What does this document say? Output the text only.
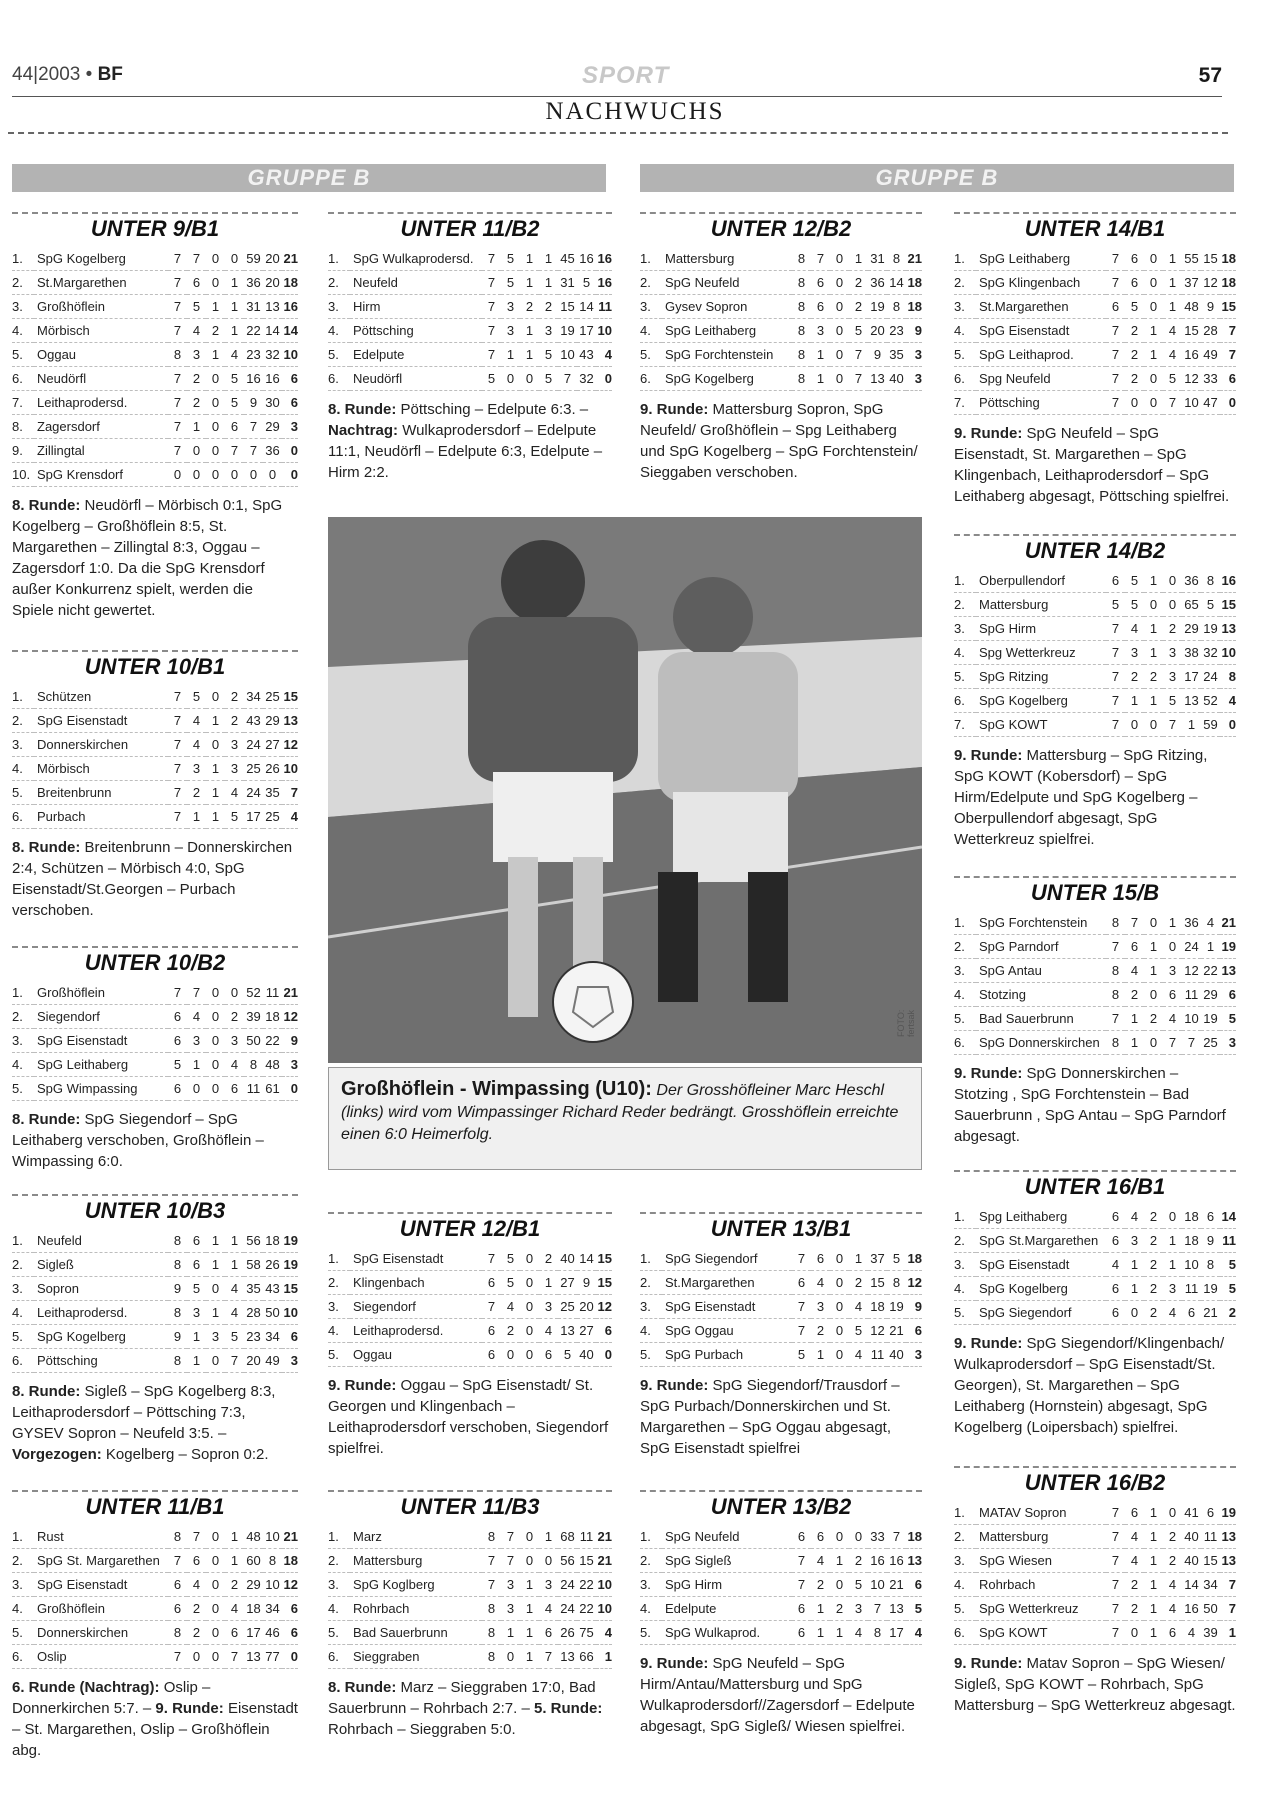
44|2003 • BF	SPORT	57
NACHWUCHS
GRUPPE B	GRUPPE B
UNTER 9/B1
1.	SpG Kogelberg	7	7	0	0	59	20	21
2.	St.Margarethen	7	6	0	1	36	20	18
3.	Großhöflein	7	5	1	1	31	13	16
4.	Mörbisch	7	4	2	1	22	14	14
5.	Oggau	8	3	1	4	23	32	10
6.	Neudörfl	7	2	0	5	16	16	6
7.	Leithaprodersd.	7	2	0	5	9	30	6
8.	Zagersdorf	7	1	0	6	7	29	3
9.	Zillingtal	7	0	0	7	7	36	0
10.	SpG Krensdorf	0	0	0	0	0	0	0

8. Runde: Neudörfl – Mörbisch 0:1, SpG Kogelberg – Großhöflein 8:5, St. Margarethen – Zillingtal 8:3, Oggau – Zagersdorf 1:0. Da die SpG Krensdorf außer Konkurrenz spielt, werden die Spiele nicht gewertet.

UNTER 10/B1
1.	Schützen	7	5	0	2	34	25	15
2.	SpG Eisenstadt	7	4	1	2	43	29	13
3.	Donnerskirchen	7	4	0	3	24	27	12
4.	Mörbisch	7	3	1	3	25	26	10
5.	Breitenbrunn	7	2	1	4	24	35	7
6.	Purbach	7	1	1	5	17	25	4

8. Runde: Breitenbrunn – Donnerskirchen 2:4, Schützen – Mörbisch 4:0, SpG Eisenstadt/St.Georgen – Purbach verschoben.

UNTER 10/B2
1.	Großhöflein	7	7	0	0	52	11	21
2.	Siegendorf	6	4	0	2	39	18	12
3.	SpG Eisenstadt	6	3	0	3	50	22	9
4.	SpG Leithaberg	5	1	0	4	8	48	3
5.	SpG Wimpassing	6	0	0	6	11	61	0

8. Runde: SpG Siegendorf – SpG Leithaberg verschoben, Großhöflein – Wimpassing 6:0.

UNTER 10/B3
1.	Neufeld	8	6	1	1	56	18	19
2.	Sigleß	8	6	1	1	58	26	19
3.	Sopron	9	5	0	4	35	43	15
4.	Leithaprodersd.	8	3	1	4	28	50	10
5.	SpG Kogelberg	9	1	3	5	23	34	6
6.	Pöttsching	8	1	0	7	20	49	3

8. Runde: Sigleß – SpG Kogelberg 8:3, Leithaprodersdorf – Pöttsching 7:3, GYSEV Sopron – Neufeld 3:5. – Vorgezogen: Kogelberg – Sopron 0:2.

UNTER 11/B1
1.	Rust	8	7	0	1	48	10	21
2.	SpG St. Margarethen	7	6	0	1	60	8	18
3.	SpG Eisenstadt	6	4	0	2	29	10	12
4.	Großhöflein	6	2	0	4	18	34	6
5.	Donnerskirchen	8	2	0	6	17	46	6
6.	Oslip	7	0	0	7	13	77	0

6. Runde (Nachtrag): Oslip – Donnerkirchen 5:7. – 9. Runde: Eisenstadt – St. Margarethen, Oslip – Großhöflein abg.

UNTER 11/B2
1.	SpG Wulkaprodersd.	7	5	1	1	45	16	16
2.	Neufeld	7	5	1	1	31	5	16
3.	Hirm	7	3	2	2	15	14	11
4.	Pöttsching	7	3	1	3	19	17	10
5.	Edelpute	7	1	1	5	10	43	4
6.	Neudörfl	5	0	0	5	7	32	0

8. Runde: Pöttsching – Edelpute 6:3. – Nachtrag: Wulkaprodersdorf – Edelpute 11:1, Neudörfl – Edelpute 6:3, Edelpute – Hirm 2:2.

UNTER 12/B1
1.	SpG Eisenstadt	7	5	0	2	40	14	15
2.	Klingenbach	6	5	0	1	27	9	15
3.	Siegendorf	7	4	0	3	25	20	12
4.	Leithaprodersd.	6	2	0	4	13	27	6
5.	Oggau	6	0	0	6	5	40	0

9. Runde: Oggau – SpG Eisenstadt/ St. Georgen und Klingenbach – Leithaprodersdorf verschoben, Siegendorf spielfrei.

UNTER 11/B3
1.	Marz	8	7	0	1	68	11	21
2.	Mattersburg	7	7	0	0	56	15	21
3.	SpG Koglberg	7	3	1	3	24	22	10
4.	Rohrbach	8	3	1	4	24	22	10
5.	Bad Sauerbrunn	8	1	1	6	26	75	4
6.	Sieggraben	8	0	1	7	13	66	1

8. Runde: Marz – Sieggraben 17:0, Bad Sauerbrunn – Rohrbach 2:7. – 5. Runde: Rohrbach – Sieggraben 5:0.

UNTER 12/B2
1.	Mattersburg	8	7	0	1	31	8	21
2.	SpG Neufeld	8	6	0	2	36	14	18
3.	Gysev Sopron	8	6	0	2	19	8	18
4.	SpG Leithaberg	8	3	0	5	20	23	9
5.	SpG Forchtenstein	8	1	0	7	9	35	3
6.	SpG Kogelberg	8	1	0	7	13	40	3

9. Runde: Mattersburg Sopron, SpG Neufeld/ Großhöflein – Spg Leithaberg und SpG Kogelberg – SpG Forchtenstein/ Sieggaben verschoben.

UNTER 13/B1
1.	SpG Siegendorf	7	6	0	1	37	5	18
2.	St.Margarethen	6	4	0	2	15	8	12
3.	SpG Eisenstadt	7	3	0	4	18	19	9
4.	SpG Oggau	7	2	0	5	12	21	6
5.	SpG Purbach	5	1	0	4	11	40	3

9. Runde: SpG Siegendorf/Trausdorf – SpG Purbach/Donnerskirchen und St. Margarethen – SpG Oggau abgesagt, SpG Eisenstadt spielfrei

UNTER 13/B2
1.	SpG Neufeld	6	6	0	0	33	7	18
2.	SpG Sigleß	7	4	1	2	16	16	13
3.	SpG Hirm	7	2	0	5	10	21	6
4.	Edelpute	6	1	2	3	7	13	5
5.	SpG Wulkaprod.	6	1	1	4	8	17	4

9. Runde: SpG Neufeld – SpG Hirm/Antau/Mattersburg und SpG Wulkaprodersdorf//Zagersdorf – Edelpute abgesagt, SpG Sigleß/ Wiesen spielfrei.

UNTER 14/B1
1.	SpG Leithaberg	7	6	0	1	55	15	18
2.	SpG Klingenbach	7	6	0	1	37	12	18
3.	St.Margarethen	6	5	0	1	48	9	15
4.	SpG Eisenstadt	7	2	1	4	15	28	7
5.	SpG Leithaprod.	7	2	1	4	16	49	7
6.	Spg Neufeld	7	2	0	5	12	33	6
7.	Pöttsching	7	0	0	7	10	47	0

9. Runde: SpG Neufeld – SpG Eisenstadt, St. Margarethen – SpG Klingenbach, Leithaprodersdorf – SpG Leithaberg abgesagt, Pöttsching spielfrei.

UNTER 14/B2
1.	Oberpullendorf	6	5	1	0	36	8	16
2.	Mattersburg	5	5	0	0	65	5	15
3.	SpG Hirm	7	4	1	2	29	19	13
4.	Spg Wetterkreuz	7	3	1	3	38	32	10
5.	SpG Ritzing	7	2	2	3	17	24	8
6.	SpG Kogelberg	7	1	1	5	13	52	4
7.	SpG KOWT	7	0	0	7	1	59	0

9. Runde: Mattersburg – SpG Ritzing, SpG KOWT (Kobersdorf) – SpG Hirm/Edelpute und SpG Kogelberg – Oberpullendorf abgesagt, SpG Wetterkreuz spielfrei.

UNTER 15/B
1.	SpG Forchtenstein	8	7	0	1	36	4	21
2.	SpG Parndorf	7	6	1	0	24	1	19
3.	SpG Antau	8	4	1	3	12	22	13
4.	Stotzing	8	2	0	6	11	29	6
5.	Bad Sauerbrunn	7	1	2	4	10	19	5
6.	SpG Donnerskirchen	8	1	0	7	7	25	3

9. Runde: SpG Donnerskirchen – Stotzing , SpG Forchtenstein – Bad Sauerbrunn , SpG Antau – SpG Parndorf abgesagt.

UNTER 16/B1
1.	Spg Leithaberg	6	4	2	0	18	6	14
2.	SpG St.Margarethen	6	3	2	1	18	9	11
3.	SpG Eisenstadt	4	1	2	1	10	8	5
4.	SpG Kogelberg	6	1	2	3	11	19	5
5.	SpG Siegendorf	6	0	2	4	6	21	2

9. Runde: SpG Siegendorf/Klingenbach/ Wulkaprodersdorf – SpG Eisenstadt/St. Georgen), St. Margarethen – SpG Leithaberg (Hornstein) abgesagt, SpG Kogelberg (Loipersbach) spielfrei.

UNTER 16/B2
1.	MATAV Sopron	7	6	1	0	41	6	19
2.	Mattersburg	7	4	1	2	40	11	13
3.	SpG Wiesen	7	4	1	2	40	15	13
4.	Rohrbach	7	2	1	4	14	34	7
5.	SpG Wetterkreuz	7	2	1	4	16	50	7
6.	SpG KOWT	7	0	1	6	4	39	1

9. Runde: Matav Sopron – SpG Wiesen/ Sigleß, SpG KOWT – Rohrbach, SpG Mattersburg – SpG Wetterkreuz abgesagt.

FOTO: fertsak
Großhöflein - Wimpassing (U10): Der Grosshöfleiner Marc Heschl (links) wird vom Wimpassinger Richard Reder bedrängt. Grosshöflein erreichte einen 6:0 Heimerfolg.
